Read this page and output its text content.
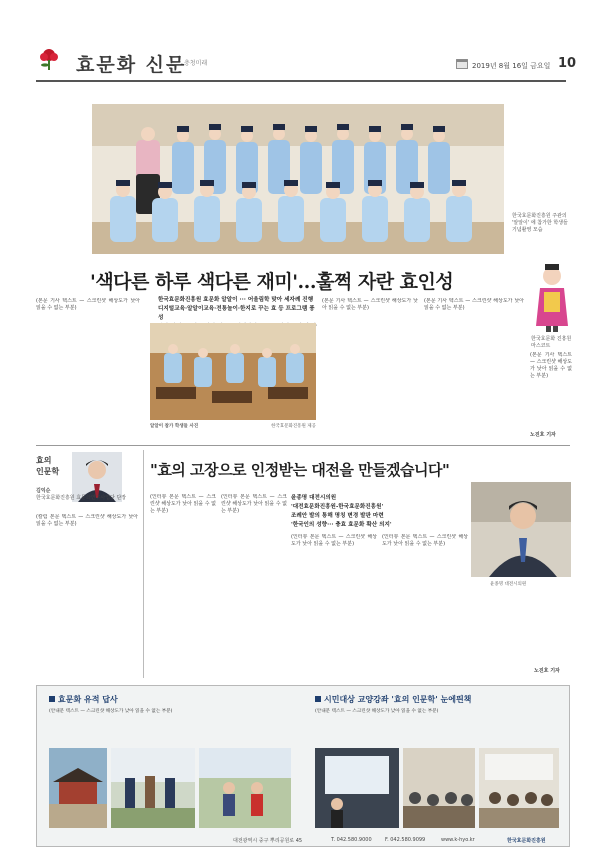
효문화 신문
충청미래	2019년 8월 16일 금요일 10
한국효문화진흥원 주관의 '알알이' 에 참가한 학생들 기념촬영 모습
'색다른 하루 색다른 재미'…훌쩍 자란 효인성
한국효문화 진흥원 마스코트
(본문 기사 텍스트 — 스크린샷 해상도가 낮아 읽을 수 없는 부분)
한국효문화진흥원 효문화 알알이 ··· 어울림학 맞아 세자례 진행
디지털교육·알알이교육·전통놀이·한지로 꾸는 효 등 프로그램 풍성
한국효문화진흥원 제공
알알이 참가 학생들 사진
(본문 기사 텍스트 — 스크린샷 해상도가 낮아 읽을 수 없는 부분)
(본문 기사 텍스트 — 스크린샷 해상도가 낮아 읽을 수 없는 부분)
(본문 기사 텍스트 — 스크린샷 해상도가 낮아 읽을 수 없는 부분)
노진호 기자
효의
인문학
김익순
한국효문화진흥원 효문화연구사업단 단장
(칼럼 본문 텍스트 — 스크린샷 해상도가 낮아 읽을 수 없는 부분)
"효의 고장으로 인정받는 대전을 만들겠습니다"
(인터뷰 본문 텍스트 — 스크린샷 해상도가 낮아 읽을 수 없는 부분)
(인터뷰 본문 텍스트 — 스크린샷 해상도가 낮아 읽을 수 없는 부분)
윤종명 대전시의원
'대전효문화진흥원-한국효문화진흥원'
조례안 발의 통해 명칭 변경 발판 마련
'한국인의 성향··· 충효 효문화 확산 의지'
(인터뷰 본문 텍스트 — 스크린샷 해상도가 낮아 읽을 수 없는 부분)
(인터뷰 본문 텍스트 — 스크린샷 해상도가 낮아 읽을 수 없는 부분)
윤종명 대전시의원
노진호 기자
효문화 유적 답사
(안내문 텍스트 — 스크린샷 해상도가 낮아 읽을 수 없는 부분)
시민대상 교양강좌 '효의 인문학' 눈에띈책
(안내문 텍스트 — 스크린샷 해상도가 낮아 읽을 수 없는 부분)
대전광역시 중구 뿌리공원로 45	T. 042.580.9000	F. 042.580.9099	www.k-hyo.kr	한국효문화진흥원
